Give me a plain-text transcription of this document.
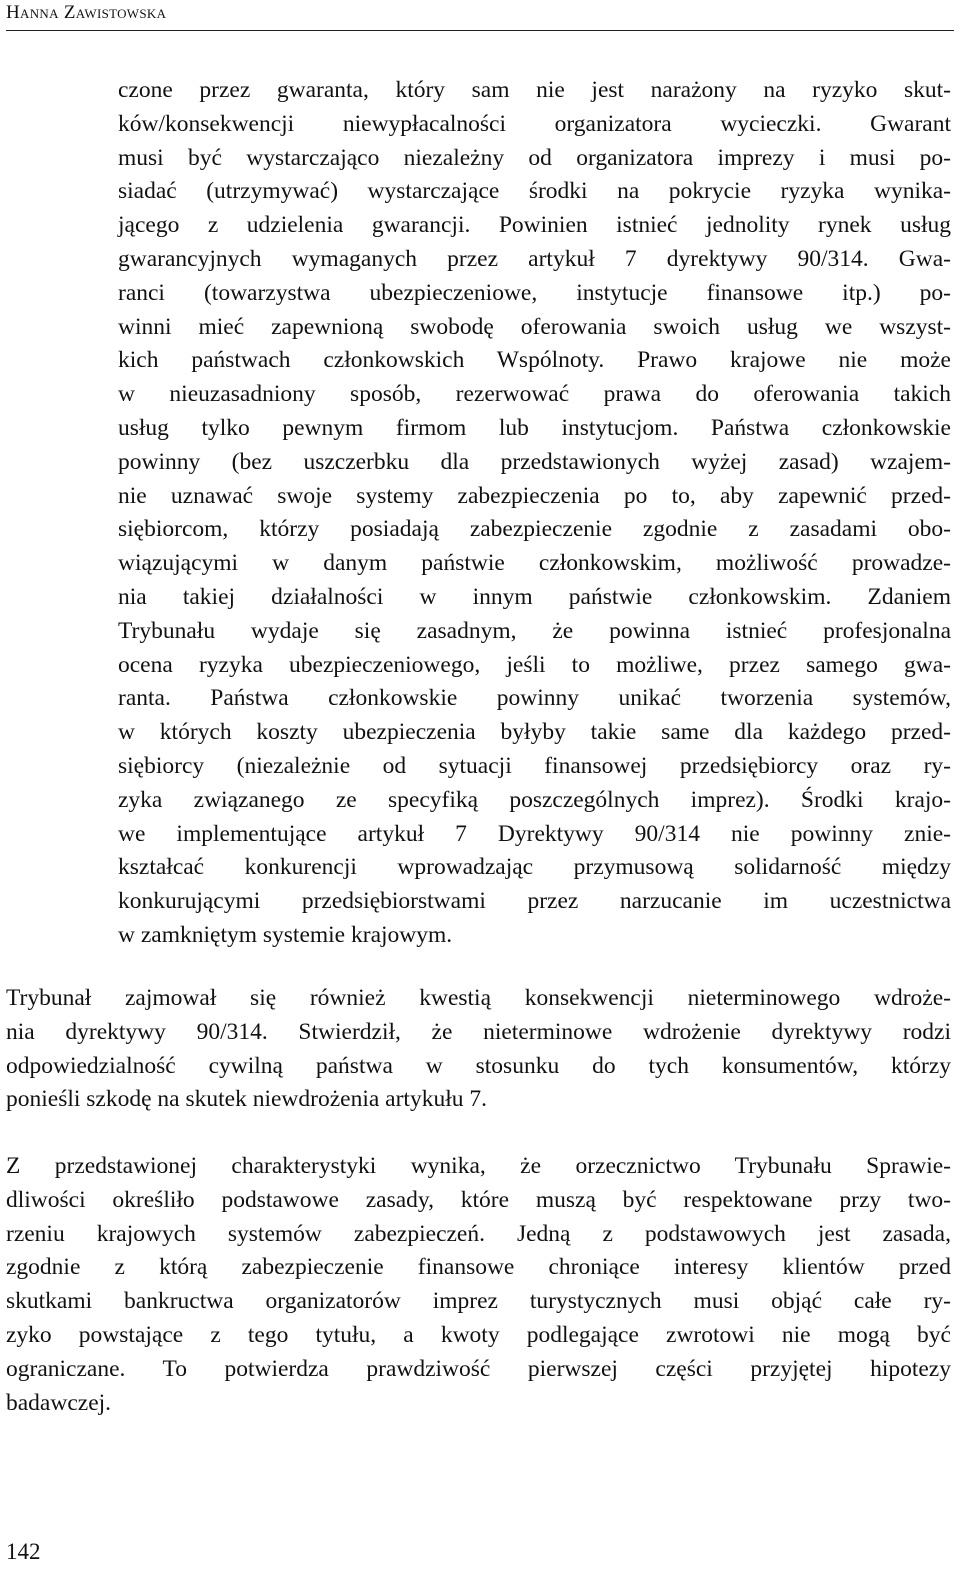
Hanna Zawistowska
czone przez gwaranta, który sam nie jest narażony na ryzyko skut-
ków/konsekwencji niewypłacalności organizatora wycieczki. Gwarant
musi być wystarczająco niezależny od organizatora imprezy i musi po-
siadać (utrzymywać) wystarczające środki na pokrycie ryzyka wynika-
jącego z udzielenia gwarancji. Powinien istnieć jednolity rynek usług
gwarancyjnych wymaganych przez artykuł 7 dyrektywy 90/314. Gwa-
ranci (towarzystwa ubezpieczeniowe, instytucje finansowe itp.) po-
winni mieć zapewnioną swobodę oferowania swoich usług we wszyst-
kich państwach członkowskich Wspólnoty. Prawo krajowe nie może
w nieuzasadniony sposób, rezerwować prawa do oferowania takich
usług tylko pewnym firmom lub instytucjom. Państwa członkowskie
powinny (bez uszczerbku dla przedstawionych wyżej zasad) wzajem-
nie uznawać swoje systemy zabezpieczenia po to, aby zapewnić przed-
siębiorcom, którzy posiadają zabezpieczenie zgodnie z zasadami obo-
wiązującymi w danym państwie członkowskim, możliwość prowadze-
nia takiej działalności w innym państwie członkowskim. Zdaniem
Trybunału wydaje się zasadnym, że powinna istnieć profesjonalna
ocena ryzyka ubezpieczeniowego, jeśli to możliwe, przez samego gwa-
ranta. Państwa członkowskie powinny unikać tworzenia systemów,
w których koszty ubezpieczenia byłyby takie same dla każdego przed-
siębiorcy (niezależnie od sytuacji finansowej przedsiębiorcy oraz ry-
zyka związanego ze specyfiką poszczególnych imprez). Środki krajo-
we implementujące artykuł 7 Dyrektywy 90/314 nie powinny znie-
kształcać konkurencji wprowadzając przymusową solidarność między
konkurującymi przedsiębiorstwami przez narzucanie im uczestnictwa
w zamkniętym systemie krajowym.
Trybunał zajmował się również kwestią konsekwencji nieterminowego wdroże-
nia dyrektywy 90/314. Stwierdził, że nieterminowe wdrożenie dyrektywy rodzi
odpowiedzialność cywilną państwa w stosunku do tych konsumentów, którzy
ponieśli szkodę na skutek niewdrożenia artykułu 7.
Z przedstawionej charakterystyki wynika, że orzecznictwo Trybunału Sprawie-
dliwości określiło podstawowe zasady, które muszą być respektowane przy two-
rzeniu krajowych systemów zabezpieczeń. Jedną z podstawowych jest zasada,
zgodnie z którą zabezpieczenie finansowe chroniące interesy klientów przed
skutkami bankructwa organizatorów imprez turystycznych musi objąć całe ry-
zyko powstające z tego tytułu, a kwoty podlegające zwrotowi nie mogą być
ograniczane. To potwierdza prawdziwość pierwszej części przyjętej hipotezy
badawczej.
142
